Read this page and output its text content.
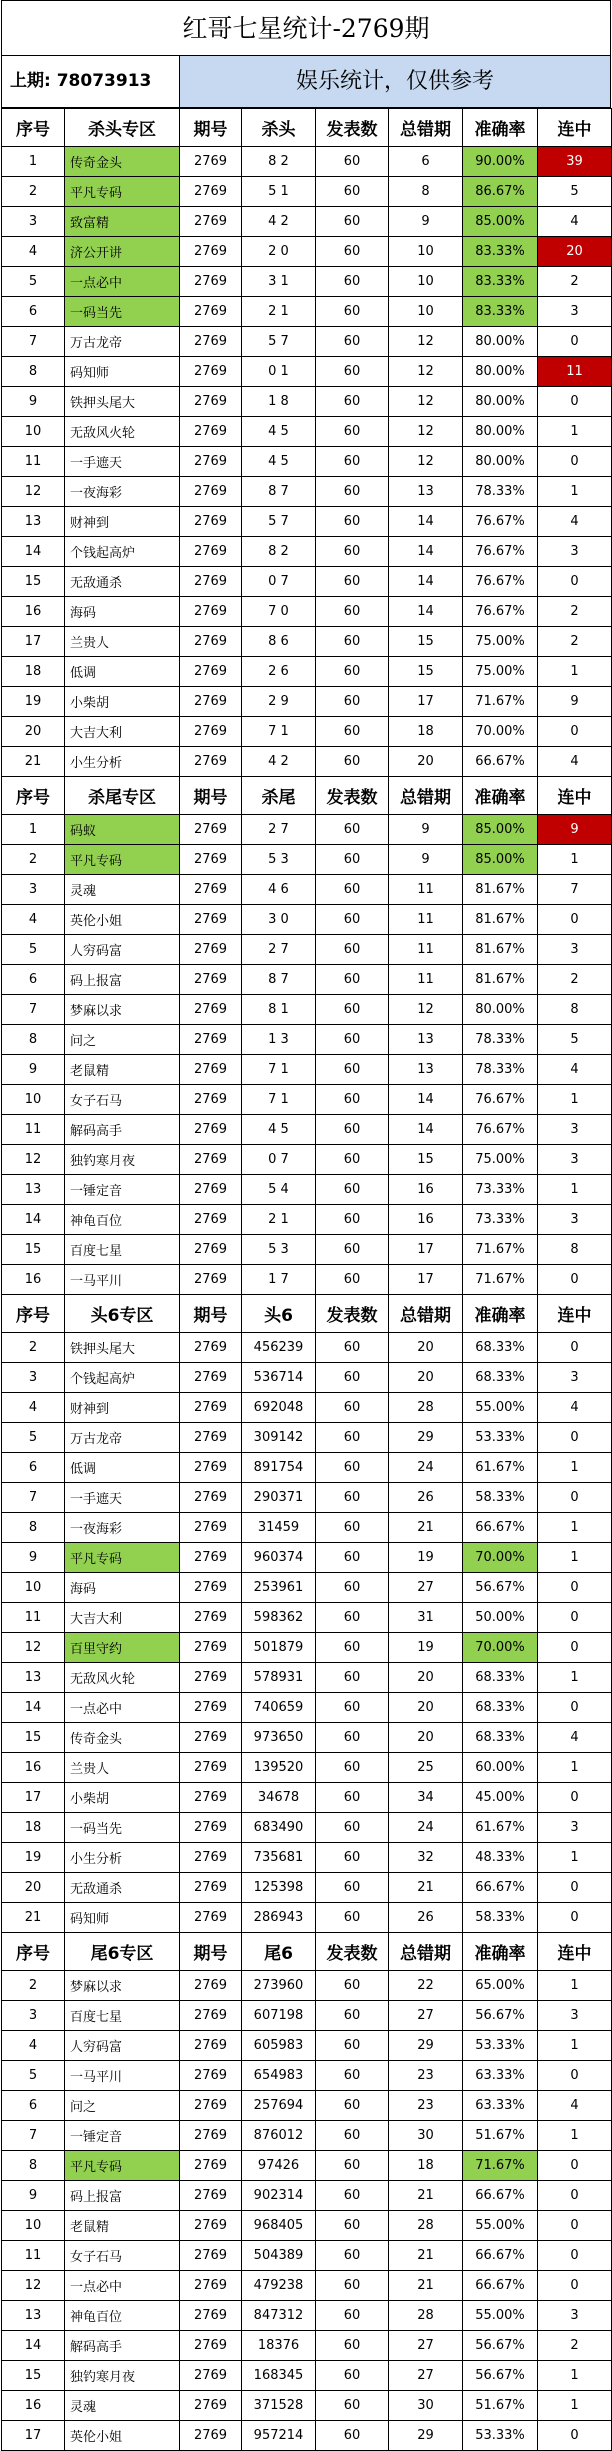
红哥七星统计-2769期
上期: 78073913	娱乐统计，仅供参考
序号	杀头专区	期号	杀头	发表数	总错期	准确率	连中
1	传奇金头	2769	8 2	60	6	90.00%	39
2	平凡专码	2769	5 1	60	8	86.67%	5
3	致富精	2769	4 2	60	9	85.00%	4
4	济公开讲	2769	2 0	60	10	83.33%	20
5	一点必中	2769	3 1	60	10	83.33%	2
6	一码当先	2769	2 1	60	10	83.33%	3
7	万古龙帝	2769	5 7	60	12	80.00%	0
8	码知师	2769	0 1	60	12	80.00%	11
9	铁押头尾大	2769	1 8	60	12	80.00%	0
10	无敌风火轮	2769	4 5	60	12	80.00%	1
11	一手遮天	2769	4 5	60	12	80.00%	0
12	一夜海彩	2769	8 7	60	13	78.33%	1
13	财神到	2769	5 7	60	14	76.67%	4
14	个钱起高炉	2769	8 2	60	14	76.67%	3
15	无敌通杀	2769	0 7	60	14	76.67%	0
16	海码	2769	7 0	60	14	76.67%	2
17	兰贵人	2769	8 6	60	15	75.00%	2
18	低调	2769	2 6	60	15	75.00%	1
19	小柴胡	2769	2 9	60	17	71.67%	9
20	大吉大利	2769	7 1	60	18	70.00%	0
21	小生分析	2769	4 2	60	20	66.67%	4
序号	杀尾专区	期号	杀尾	发表数	总错期	准确率	连中
1	码蚁	2769	2 7	60	9	85.00%	9
2	平凡专码	2769	5 3	60	9	85.00%	1
3	灵魂	2769	4 6	60	11	81.67%	7
4	英伦小姐	2769	3 0	60	11	81.67%	0
5	人穷码富	2769	2 7	60	11	81.67%	3
6	码上报富	2769	8 7	60	11	81.67%	2
7	梦麻以求	2769	8 1	60	12	80.00%	8
8	问之	2769	1 3	60	13	78.33%	5
9	老鼠精	2769	7 1	60	13	78.33%	4
10	女子石马	2769	7 1	60	14	76.67%	1
11	解码高手	2769	4 5	60	14	76.67%	3
12	独钓寒月夜	2769	0 7	60	15	75.00%	3
13	一锤定音	2769	5 4	60	16	73.33%	1
14	神龟百位	2769	2 1	60	16	73.33%	3
15	百度七星	2769	5 3	60	17	71.67%	8
16	一马平川	2769	1 7	60	17	71.67%	0
序号	头6专区	期号	头6	发表数	总错期	准确率	连中
2	铁押头尾大	2769	456239	60	20	68.33%	0
3	个钱起高炉	2769	536714	60	20	68.33%	3
4	财神到	2769	692048	60	28	55.00%	4
5	万古龙帝	2769	309142	60	29	53.33%	0
6	低调	2769	891754	60	24	61.67%	1
7	一手遮天	2769	290371	60	26	58.33%	0
8	一夜海彩	2769	31459	60	21	66.67%	1
9	平凡专码	2769	960374	60	19	70.00%	1
10	海码	2769	253961	60	27	56.67%	0
11	大吉大利	2769	598362	60	31	50.00%	0
12	百里守约	2769	501879	60	19	70.00%	0
13	无敌风火轮	2769	578931	60	20	68.33%	1
14	一点必中	2769	740659	60	20	68.33%	0
15	传奇金头	2769	973650	60	20	68.33%	4
16	兰贵人	2769	139520	60	25	60.00%	1
17	小柴胡	2769	34678	60	34	45.00%	0
18	一码当先	2769	683490	60	24	61.67%	3
19	小生分析	2769	735681	60	32	48.33%	1
20	无敌通杀	2769	125398	60	21	66.67%	0
21	码知师	2769	286943	60	26	58.33%	0
序号	尾6专区	期号	尾6	发表数	总错期	准确率	连中
2	梦麻以求	2769	273960	60	22	65.00%	1
3	百度七星	2769	607198	60	27	56.67%	3
4	人穷码富	2769	605983	60	29	53.33%	1
5	一马平川	2769	654983	60	23	63.33%	0
6	问之	2769	257694	60	23	63.33%	4
7	一锤定音	2769	876012	60	30	51.67%	1
8	平凡专码	2769	97426	60	18	71.67%	0
9	码上报富	2769	902314	60	21	66.67%	0
10	老鼠精	2769	968405	60	28	55.00%	0
11	女子石马	2769	504389	60	21	66.67%	0
12	一点必中	2769	479238	60	21	66.67%	0
13	神龟百位	2769	847312	60	28	55.00%	3
14	解码高手	2769	18376	60	27	56.67%	2
15	独钓寒月夜	2769	168345	60	27	56.67%	1
16	灵魂	2769	371528	60	30	51.67%	1
17	英伦小姐	2769	957214	60	29	53.33%	0
